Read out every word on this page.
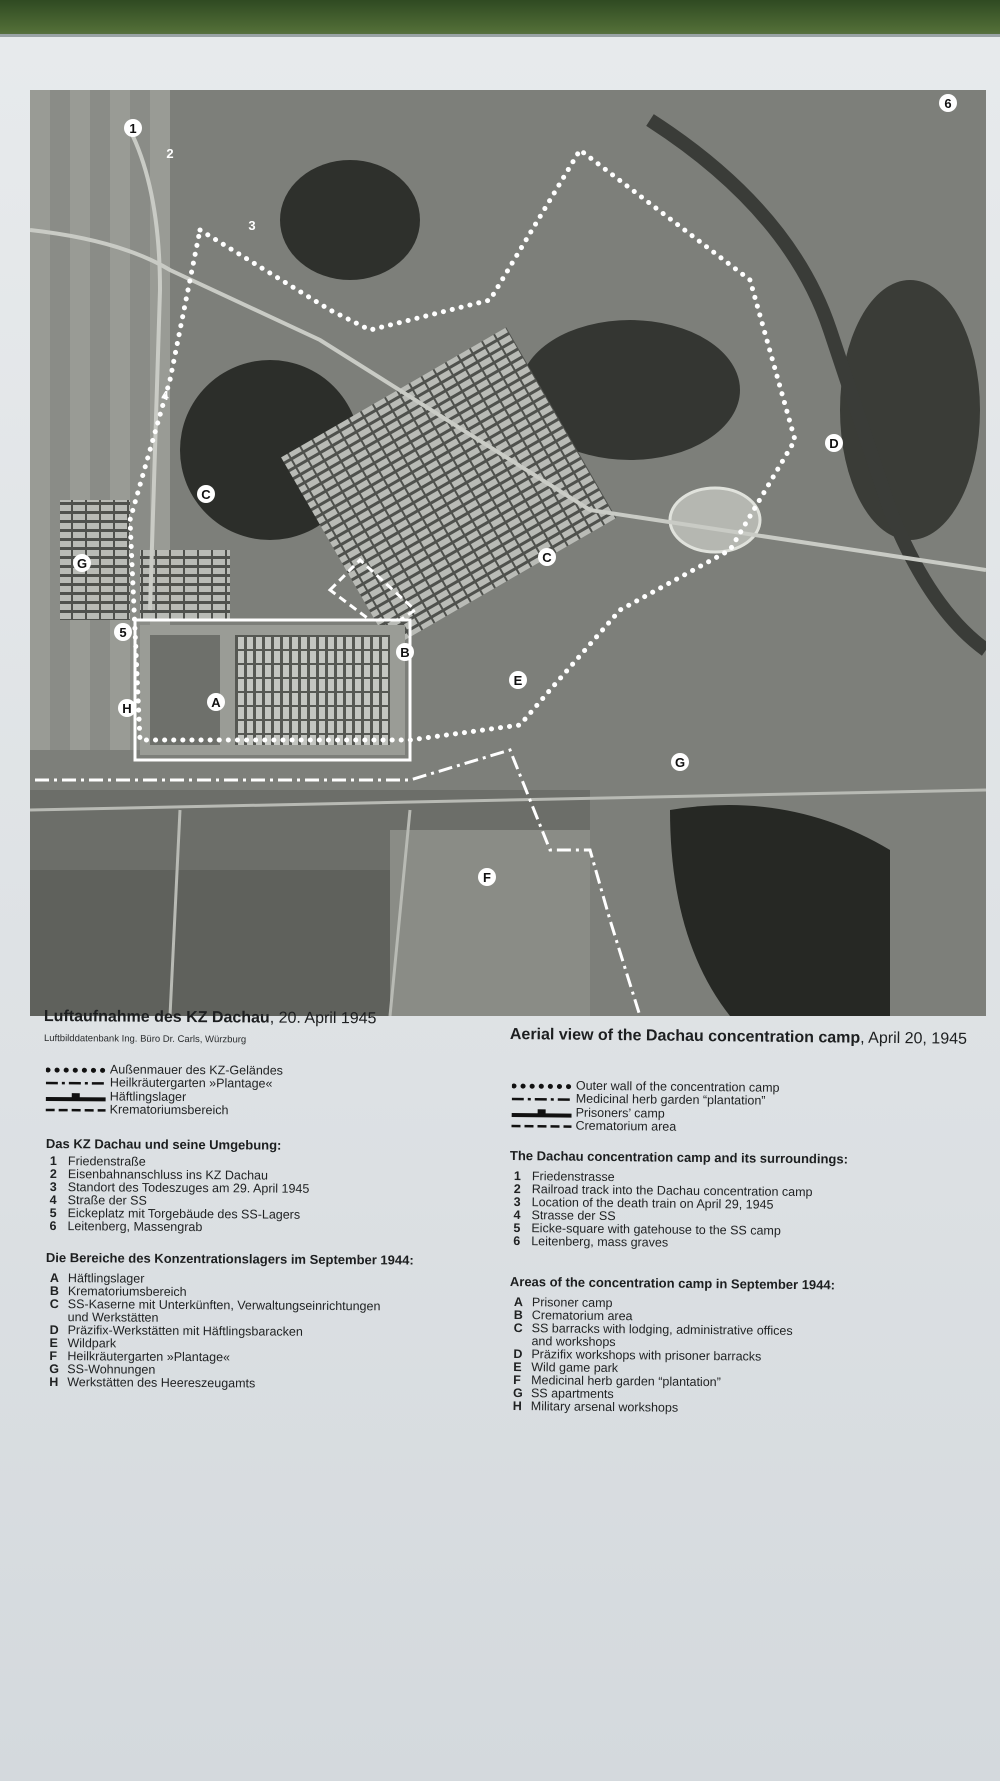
1
2
3
4
5
6
A
B
C
C
D
E
F
G
G
H
Luftaufnahme des KZ Dachau, 20. April 1945
Luftbilddatenbank Ing. Büro Dr. Carls, Würzburg
Außenmauer des KZ-Geländes
Heilkräutergarten »Plantage«
Häftlingslager
Krematoriumsbereich
Das KZ Dachau und seine Umgebung:
1 Friedenstraße
2 Eisenbahnanschluss ins KZ Dachau
3 Standort des Todeszuges am 29. April 1945
4 Straße der SS
5 Eickeplatz mit Torgebäude des SS-Lagers
6 Leitenberg, Massengrab
Die Bereiche des Konzentrationslagers im September 1944:
A Häftlingslager
B Krematoriumsbereich
C SS-Kaserne mit Unterkünften, Verwaltungseinrichtungen
und Werkstätten
D Präzifix-Werkstätten mit Häftlingsbaracken
E Wildpark
F Heilkräutergarten »Plantage«
G SS-Wohnungen
H Werkstätten des Heereszeugamts
Aerial view of the Dachau concentration camp, April 20, 1945
Outer wall of the concentration camp
Medicinal herb garden “plantation”
Prisoners’ camp
Crematorium area
The Dachau concentration camp and its surroundings:
1 Friedenstrasse
2 Railroad track into the Dachau concentration camp
3 Location of the death train on April 29, 1945
4 Strasse der SS
5 Eicke-square with gatehouse to the SS camp
6 Leitenberg, mass graves
Areas of the concentration camp in September 1944:
A Prisoner camp
B Crematorium area
C SS barracks with lodging, administrative offices
and workshops
D Präzifix workshops with prisoner barracks
E Wild game park
F Medicinal herb garden “plantation”
G SS apartments
H Military arsenal workshops
